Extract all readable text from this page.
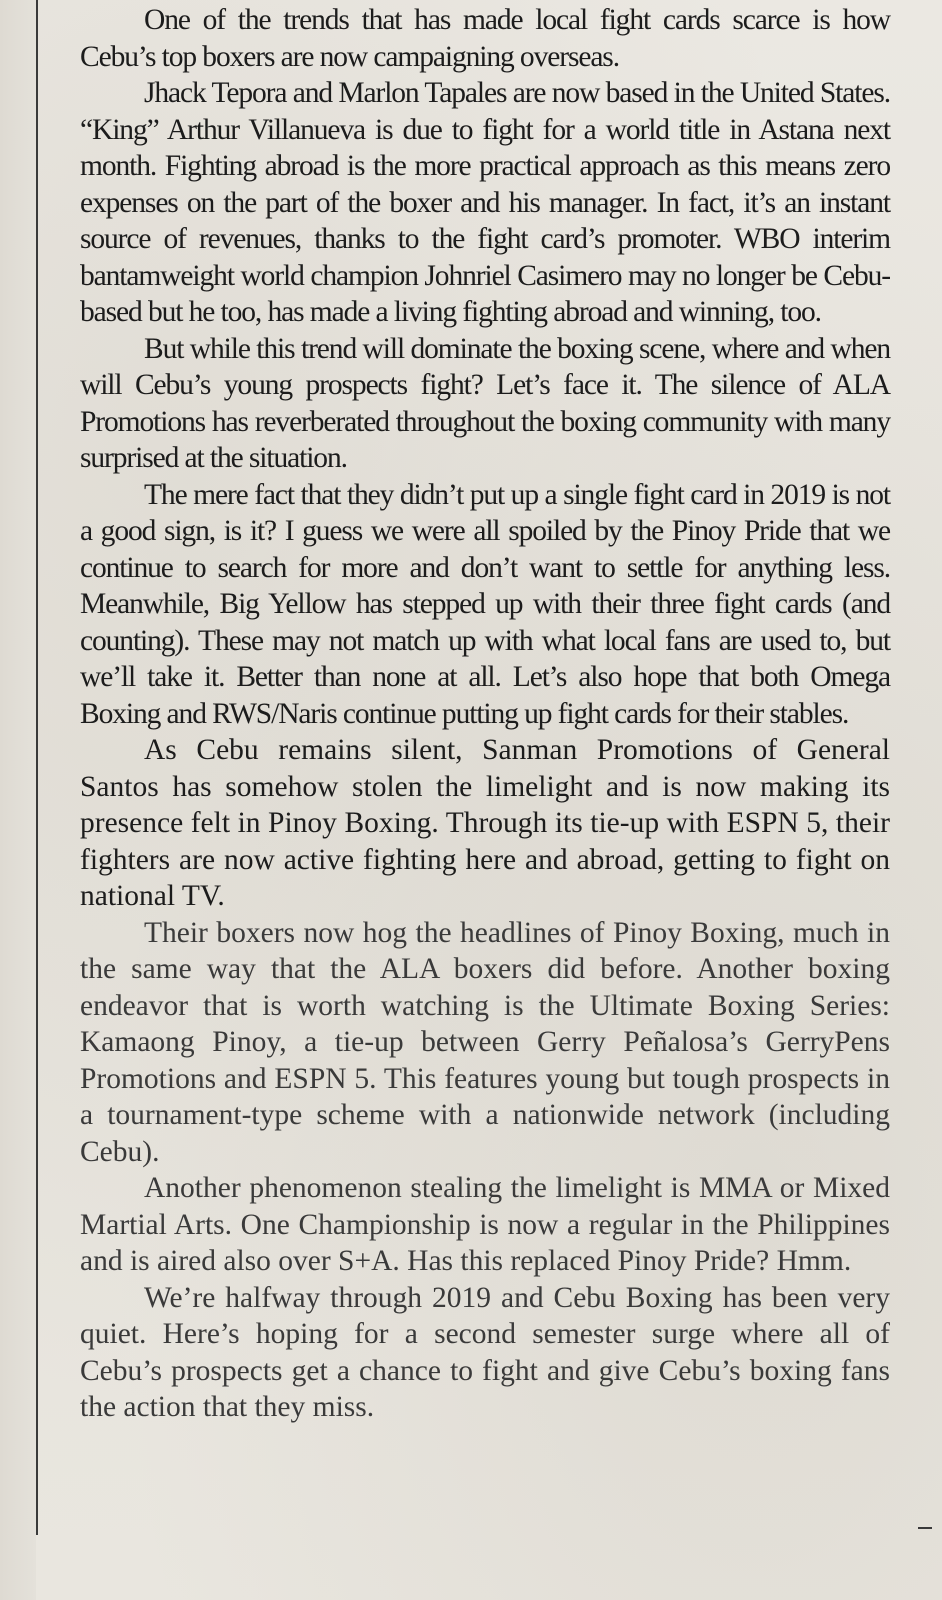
One of the trends that has made local fight cards scarce is how Cebu’s top boxers are now campaigning overseas.

Jhack Tepora and Marlon Tapales are now based in the United States. “King” Arthur Villanueva is due to fight for a world title in Astana next month. Fighting abroad is the more practical approach as this means zero expenses on the part of the boxer and his manager. In fact, it’s an instant source of revenues, thanks to the fight card’s promoter. WBO interim bantamweight world champion Johnriel Casimero may no longer be Cebu-based but he too, has made a living fighting abroad and winning, too.

But while this trend will dominate the boxing scene, where and when will Cebu’s young prospects fight? Let’s face it. The silence of ALA Promotions has reverberated throughout the boxing community with many surprised at the situation.

The mere fact that they didn’t put up a single fight card in 2019 is not a good sign, is it? I guess we were all spoiled by the Pinoy Pride that we continue to search for more and don’t want to settle for anything less. Meanwhile, Big Yellow has stepped up with their three fight cards (and counting). These may not match up with what local fans are used to, but we’ll take it. Better than none at all. Let’s also hope that both Omega Boxing and RWS/Naris continue putting up fight cards for their stables.

As Cebu remains silent, Sanman Promotions of General Santos has somehow stolen the limelight and is now making its presence felt in Pinoy Boxing. Through its tie-up with ESPN 5, their fighters are now active fighting here and abroad, getting to fight on national TV.

Their boxers now hog the headlines of Pinoy Boxing, much in the same way that the ALA boxers did before. Another boxing endeavor that is worth watching is the Ultimate Boxing Series: Kamaong Pinoy, a tie-up between Gerry Peñalosa’s GerryPens Promotions and ESPN 5. This features young but tough prospects in a tournament-type scheme with a nationwide network (including Cebu).

Another phenomenon stealing the limelight is MMA or Mixed Martial Arts. One Championship is now a regular in the Philippines and is aired also over S+A. Has this replaced Pinoy Pride? Hmm.

We’re halfway through 2019 and Cebu Boxing has been very quiet. Here’s hoping for a second semester surge where all of Cebu’s prospects get a chance to fight and give Cebu’s boxing fans the action that they miss.
